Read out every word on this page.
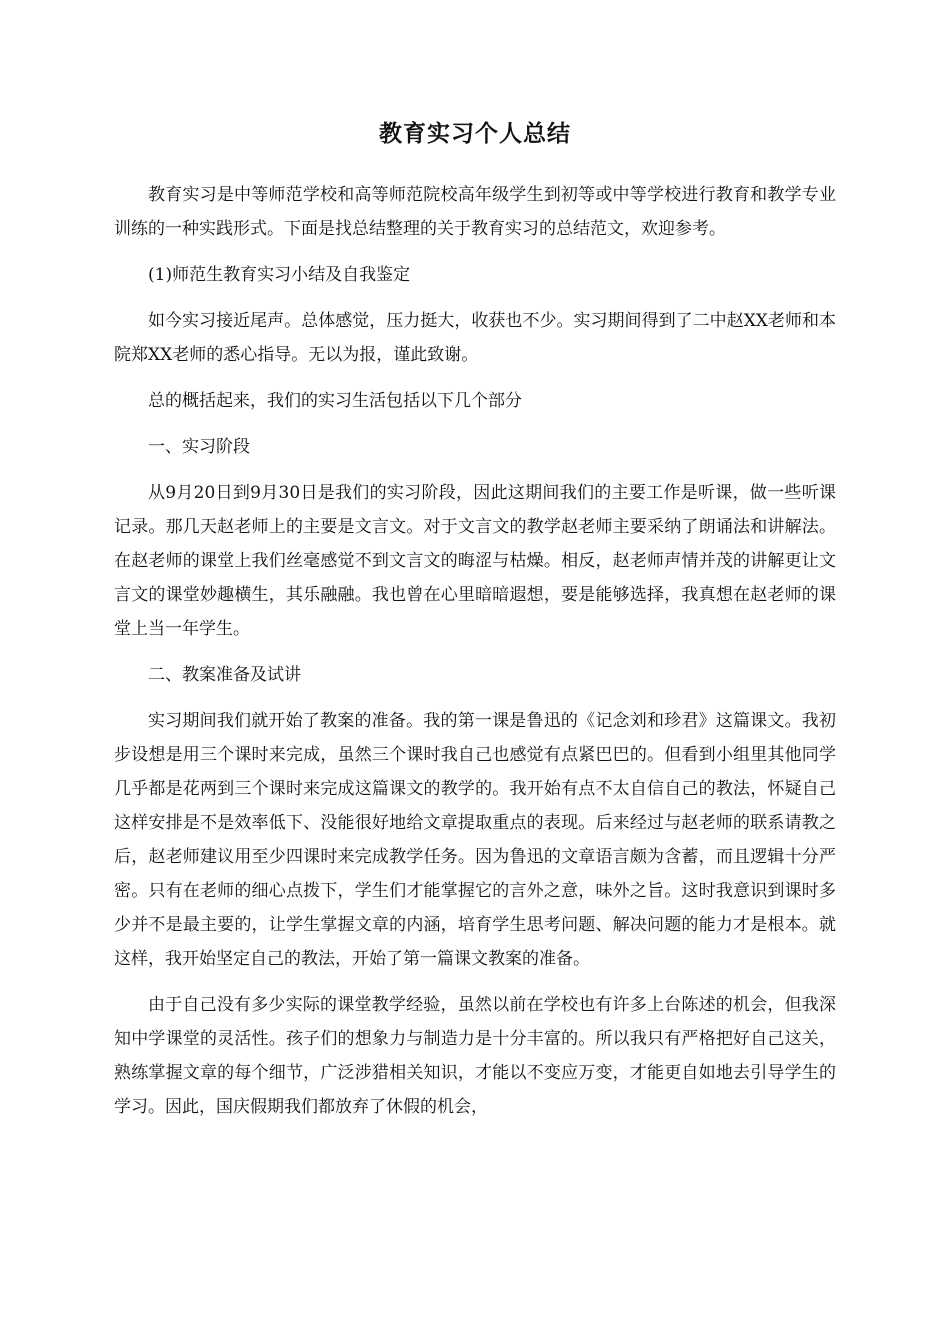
教育实习个人总结

教育实习是中等师范学校和高等师范院校高年级学生到初等或中等学校进行教育和教学专业训练的一种实践形式。下面是找总结整理的关于教育实习的总结范文，欢迎参考。

(1)师范生教育实习小结及自我鉴定

如今实习接近尾声。总体感觉，压力挺大，收获也不少。实习期间得到了二中赵XX老师和本院郑XX老师的悉心指导。无以为报，谨此致谢。

总的概括起来，我们的实习生活包括以下几个部分

一、实习阶段

从9月20日到9月30日是我们的实习阶段，因此这期间我们的主要工作是听课，做一些听课记录。那几天赵老师上的主要是文言文。对于文言文的教学赵老师主要采纳了朗诵法和讲解法。在赵老师的课堂上我们丝毫感觉不到文言文的晦涩与枯燥。相反，赵老师声情并茂的讲解更让文言文的课堂妙趣横生，其乐融融。我也曾在心里暗暗遐想，要是能够选择，我真想在赵老师的课堂上当一年学生。

二、教案准备及试讲

实习期间我们就开始了教案的准备。我的第一课是鲁迅的《记念刘和珍君》这篇课文。我初步设想是用三个课时来完成，虽然三个课时我自己也感觉有点紧巴巴的。但看到小组里其他同学几乎都是花两到三个课时来完成这篇课文的教学的。我开始有点不太自信自己的教法，怀疑自己这样安排是不是效率低下、没能很好地给文章提取重点的表现。后来经过与赵老师的联系请教之后，赵老师建议用至少四课时来完成教学任务。因为鲁迅的文章语言颇为含蓄，而且逻辑十分严密。只有在老师的细心点拨下，学生们才能掌握它的言外之意，味外之旨。这时我意识到课时多少并不是最主要的，让学生掌握文章的内涵，培育学生思考问题、解决问题的能力才是根本。就这样，我开始坚定自己的教法，开始了第一篇课文教案的准备。

由于自己没有多少实际的课堂教学经验，虽然以前在学校也有许多上台陈述的机会，但我深知中学课堂的灵活性。孩子们的想象力与制造力是十分丰富的。所以我只有严格把好自己这关，熟练掌握文章的每个细节，广泛涉猎相关知识，才能以不变应万变，才能更自如地去引导学生的学习。因此，国庆假期我们都放弃了休假的机会，
